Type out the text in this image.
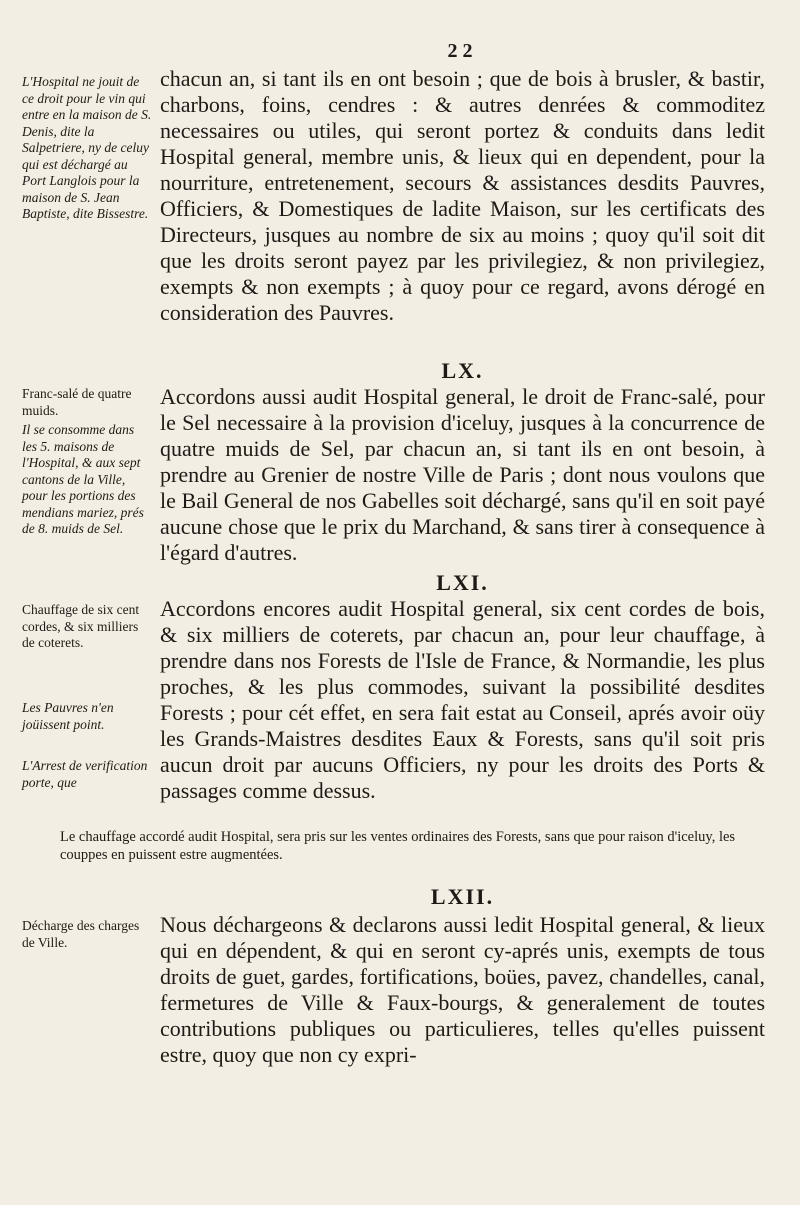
2 2
L'Hospital ne jouit de ce droit pour le vin qui entre en la maison de S. Denis, dite la Salpetriere, ny de celuy qui est déchargé au Port Langlois pour la maison de S. Jean Baptiste, dite Bissestre.

chacun an, si tant ils en ont besoin ; que de bois à brusler, & bastir, charbons, foins, cendres : & autres denrées & commoditez necessaires ou utiles, qui seront portez & conduits dans ledit Hospital general, membre unis, & lieux qui en dependent, pour la nourriture, entretenement, secours & assistances desdits Pauvres, Officiers, & Domestiques de ladite Maison, sur les certificats des Directeurs, jusques au nombre de six au moins ; quoy qu'il soit dit que les droits seront payez par les privilegiez, & non privilegiez, exempts & non exempts ; à quoy pour ce regard, avons dérogé en consideration des Pauvres.

LX.
Franc-salé de quatre muids.
Il se consomme dans les 5. maisons de l'Hospital, & aux sept cantons de la Ville, pour les portions des mendians mariez, prés de 8. muids de Sel.

Accordons aussi audit Hospital general, le droit de Franc-salé, pour le Sel necessaire à la provision d'iceluy, jusques à la concurrence de quatre muids de Sel, par chacun an, si tant ils en ont besoin, à prendre au Grenier de nostre Ville de Paris ; dont nous voulons que le Bail General de nos Gabelles soit déchargé, sans qu'il en soit payé aucune chose que le prix du Marchand, & sans tirer à consequence à l'égard d'autres.

LXI.
Chauffage de six cent cordes, & six milliers de coterets.
Les Pauvres n'en joüissent point.
L'Arrest de verification porte, que

Accordons encores audit Hospital general, six cent cordes de bois, & six milliers de coterets, par chacun an, pour leur chauffage, à prendre dans nos Forests de l'Isle de France, & Normandie, les plus proches, & les plus commodes, suivant la possibilité desdites Forests ; pour cét effet, en sera fait estat au Conseil, aprés avoir oüy les Grands-Maistres desdites Eaux & Forests, sans qu'il soit pris aucun droit par aucuns Officiers, ny pour les droits des Ports & passages comme dessus.

Le chauffage accordé audit Hospital, sera pris sur les ventes ordinaires des Forests, sans que pour raison d'iceluy, les couppes en puissent estre augmentées.
LXII.
Décharge des charges de Ville.

Nous déchargeons & declarons aussi ledit Hospital general, & lieux qui en dépendent, & qui en seront cy-aprés unis, exempts de tous droits de guet, gardes, fortifications, boües, pavez, chandelles, canal, fermetures de Ville & Faux-bourgs, & generalement de toutes contributions publiques ou particulieres, telles qu'elles puissent estre, quoy que non cy expri-
